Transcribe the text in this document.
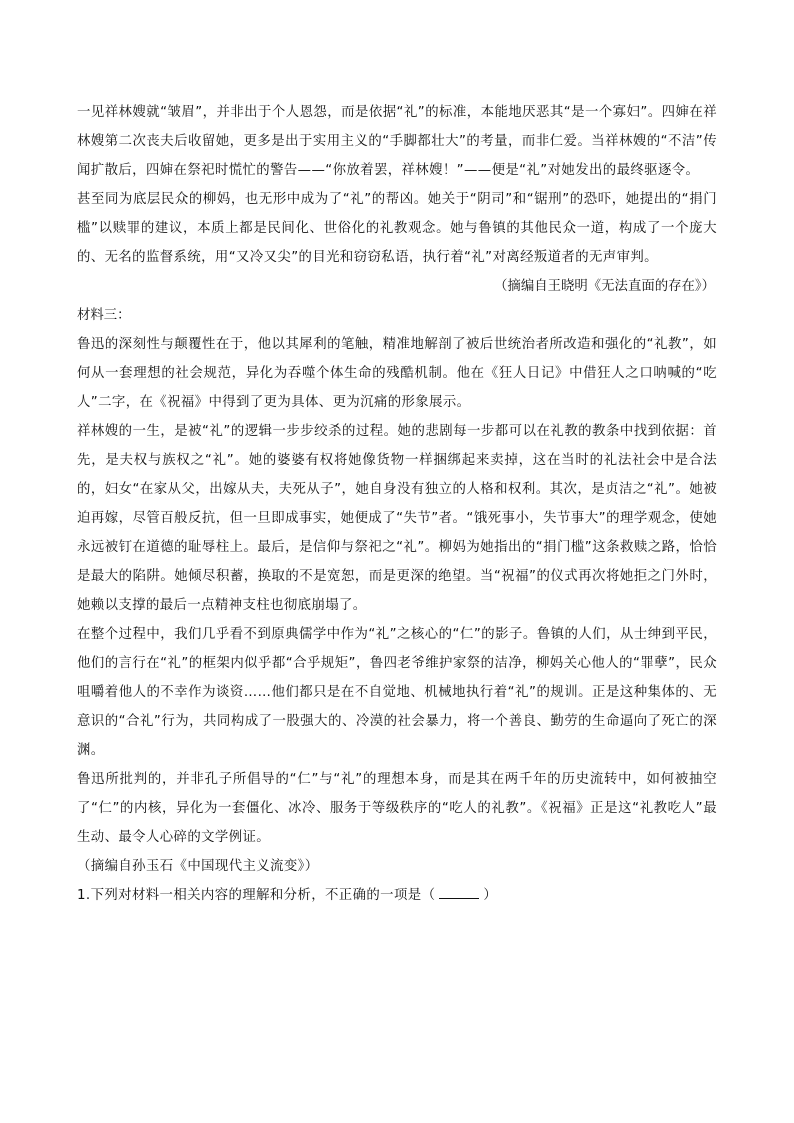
一见祥林嫂就“皱眉”，并非出于个人恩怨，而是依据“礼”的标准，本能地厌恶其“是一个寡妇”。四婶在祥林嫂第二次丧夫后收留她，更多是出于实用主义的“手脚都壮大”的考量，而非仁爱。当祥林嫂的“不洁”传闻扩散后，四婶在祭祀时慌忙的警告——“你放着罢，祥林嫂！”——便是“礼”对她发出的最终驱逐令。

甚至同为底层民众的柳妈，也无形中成为了“礼”的帮凶。她关于“阴司”和“锯刑”的恐吓，她提出的“捐门槛”以赎罪的建议，本质上都是民间化、世俗化的礼教观念。她与鲁镇的其他民众一道，构成了一个庞大的、无名的监督系统，用“又冷又尖”的目光和窃窃私语，执行着“礼”对离经叛道者的无声审判。

（摘编自王晓明《无法直面的存在》）

材料三：

鲁迅的深刻性与颠覆性在于，他以其犀利的笔触，精准地解剖了被后世统治者所改造和强化的“礼教”，如何从一套理想的社会规范，异化为吞噬个体生命的残酷机制。他在《狂人日记》中借狂人之口呐喊的“吃人”二字，在《祝福》中得到了更为具体、更为沉痛的形象展示。

祥林嫂的一生，是被“礼”的逻辑一步步绞杀的过程。她的悲剧每一步都可以在礼教的教条中找到依据：首先，是夫权与族权之“礼”。她的婆婆有权将她像货物一样捆绑起来卖掉，这在当时的礼法社会中是合法的，妇女“在家从父，出嫁从夫，夫死从子”，她自身没有独立的人格和权利。其次，是贞洁之“礼”。她被迫再嫁，尽管百般反抗，但一旦即成事实，她便成了“失节”者。“饿死事小，失节事大”的理学观念，使她永远被钉在道德的耻辱柱上。最后，是信仰与祭祀之“礼”。柳妈为她指出的“捐门槛”这条救赎之路，恰恰是最大的陷阱。她倾尽积蓄，换取的不是宽恕，而是更深的绝望。当“祝福”的仪式再次将她拒之门外时，她赖以支撑的最后一点精神支柱也彻底崩塌了。

在整个过程中，我们几乎看不到原典儒学中作为“礼”之核心的“仁”的影子。鲁镇的人们，从士绅到平民，他们的言行在“礼”的框架内似乎都“合乎规矩”，鲁四老爷维护家祭的洁净，柳妈关心他人的“罪孽”，民众咀嚼着他人的不幸作为谈资……他们都只是在不自觉地、机械地执行着“礼”的规训。正是这种集体的、无意识的“合礼”行为，共同构成了一股强大的、冷漠的社会暴力，将一个善良、勤劳的生命逼向了死亡的深渊。

鲁迅所批判的，并非孔子所倡导的“仁”与“礼”的理想本身，而是其在两千年的历史流转中，如何被抽空了“仁”的内核，异化为一套僵化、冰冷、服务于等级秩序的“吃人的礼教”。《祝福》正是这“礼教吃人”最生动、最令人心碎的文学例证。

（摘编自孙玉石《中国现代主义流变》）

1.下列对材料一相关内容的理解和分析，不正确的一项是（	）
